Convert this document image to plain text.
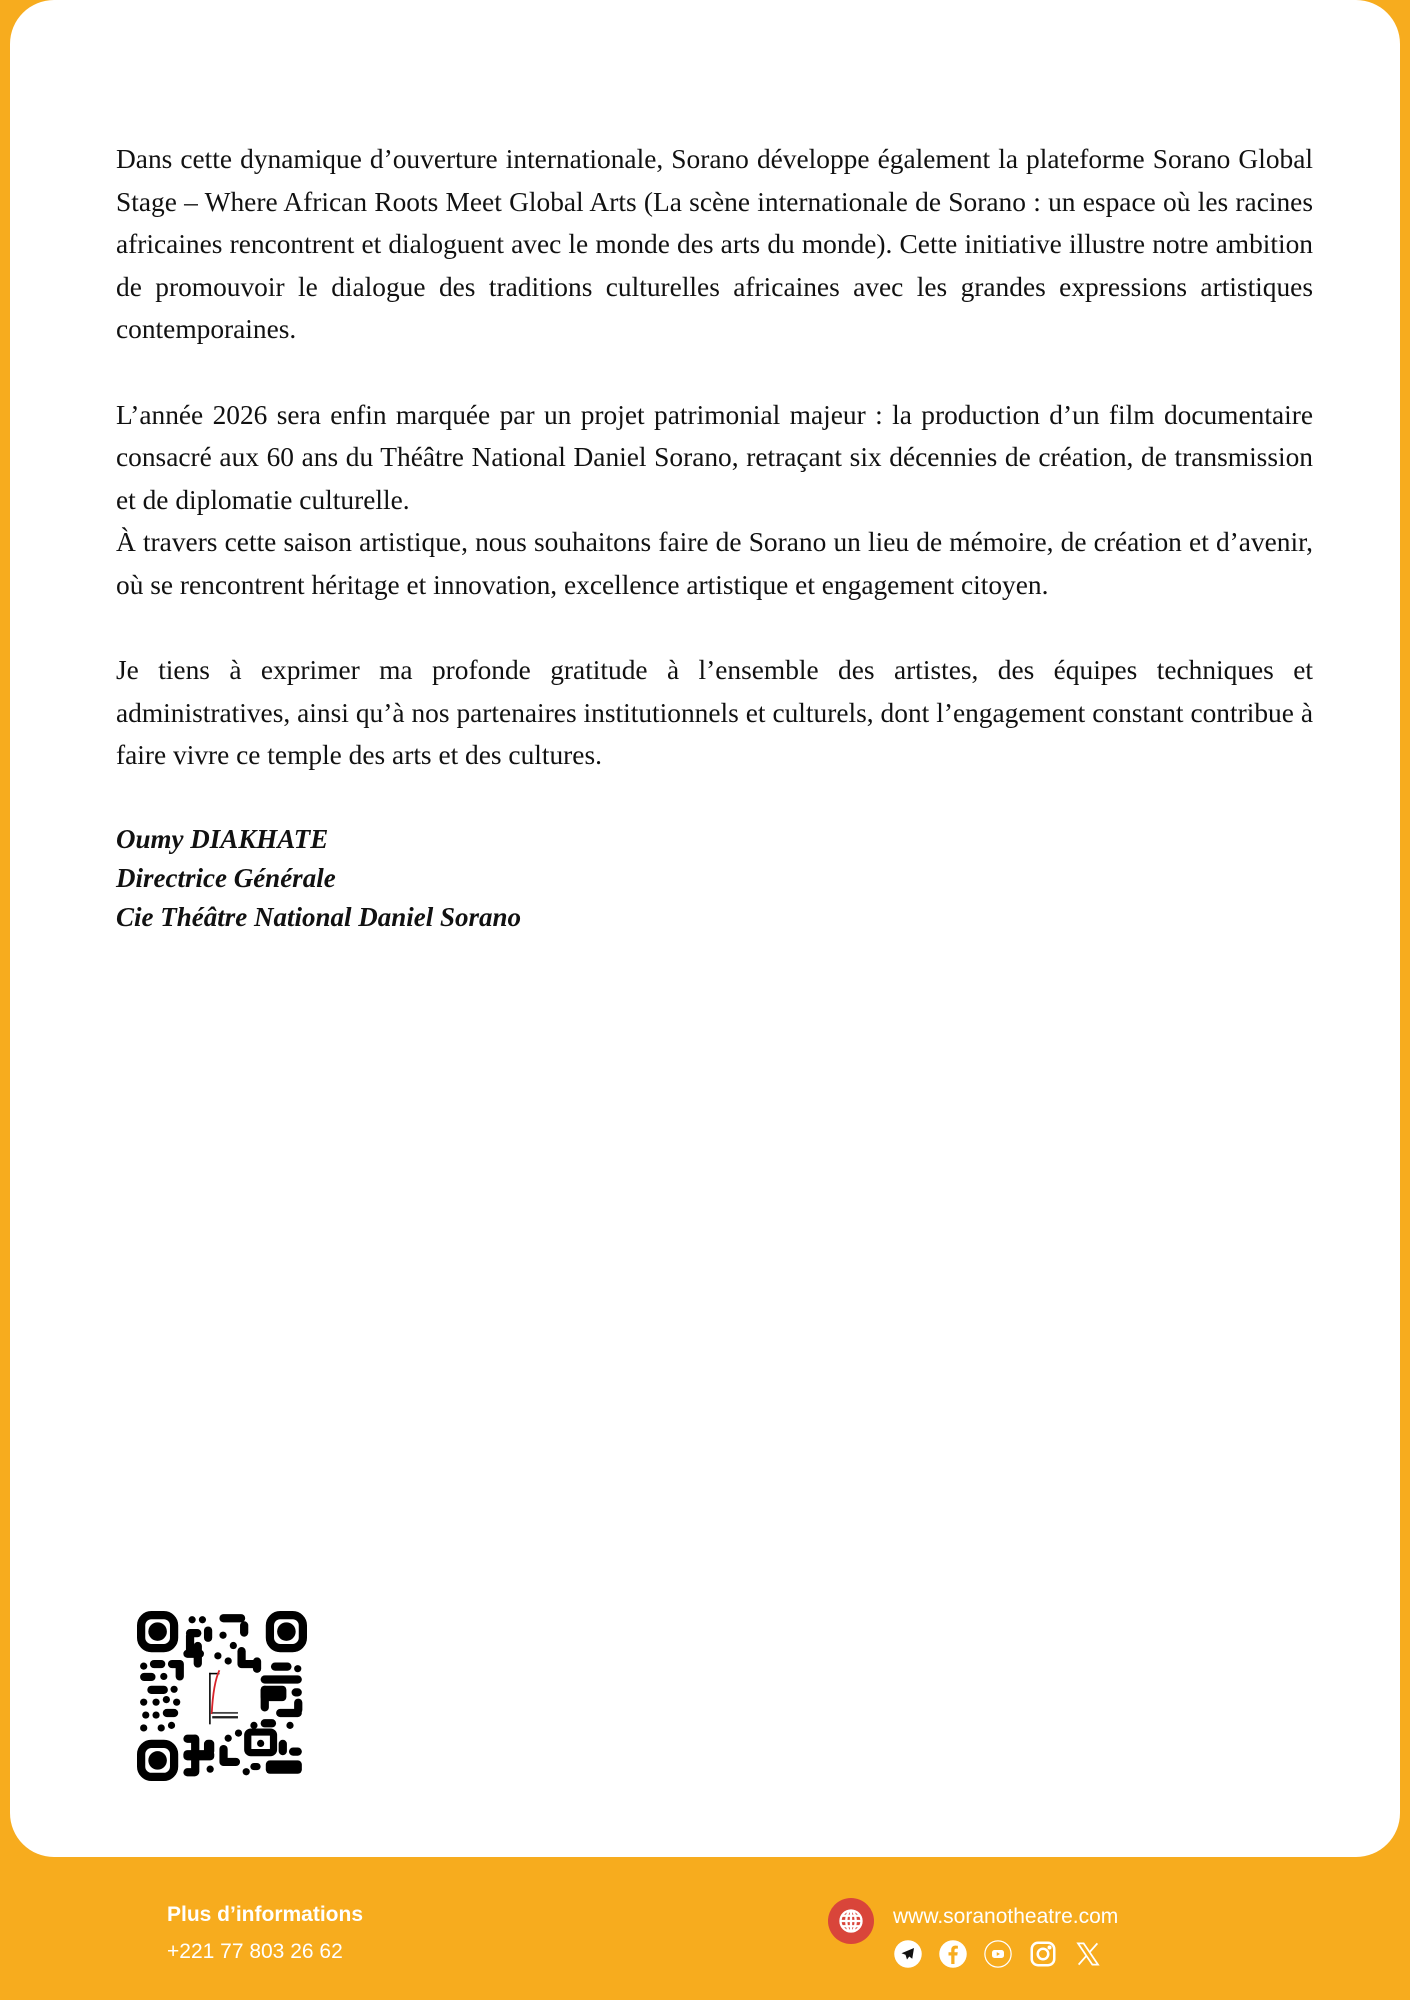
Dans cette dynamique d’ouverture internationale, Sorano développe également la plateforme Sorano Global Stage – Where African Roots Meet Global Arts (La scène internationale de Sorano : un espace où les racines africaines rencontrent et dialoguent avec le monde des arts du monde). Cette initiative illustre notre ambition de promouvoir le dialogue des traditions culturelles africaines avec les grandes expressions artistiques contemporaines.

L’année 2026 sera enfin marquée par un projet patrimonial majeur : la production d’un film documentaire consacré aux 60 ans du Théâtre National Daniel Sorano, retraçant six décennies de création, de transmission et de diplomatie culturelle.

À travers cette saison artistique, nous souhaitons faire de Sorano un lieu de mémoire, de création et d’avenir, où se rencontrent héritage et innovation, excellence artistique et engagement citoyen.

Je tiens à exprimer ma profonde gratitude à l’ensemble des artistes, des équipes techniques et administratives, ainsi qu’à nos partenaires institutionnels et culturels, dont l’engagement constant contribue à faire vivre ce temple des arts et des cultures.

Oumy DIAKHATE
Directrice Générale
Cie Théâtre National Daniel Sorano
Plus d’informations
+221 77 803 26 62
www.soranotheatre.com
